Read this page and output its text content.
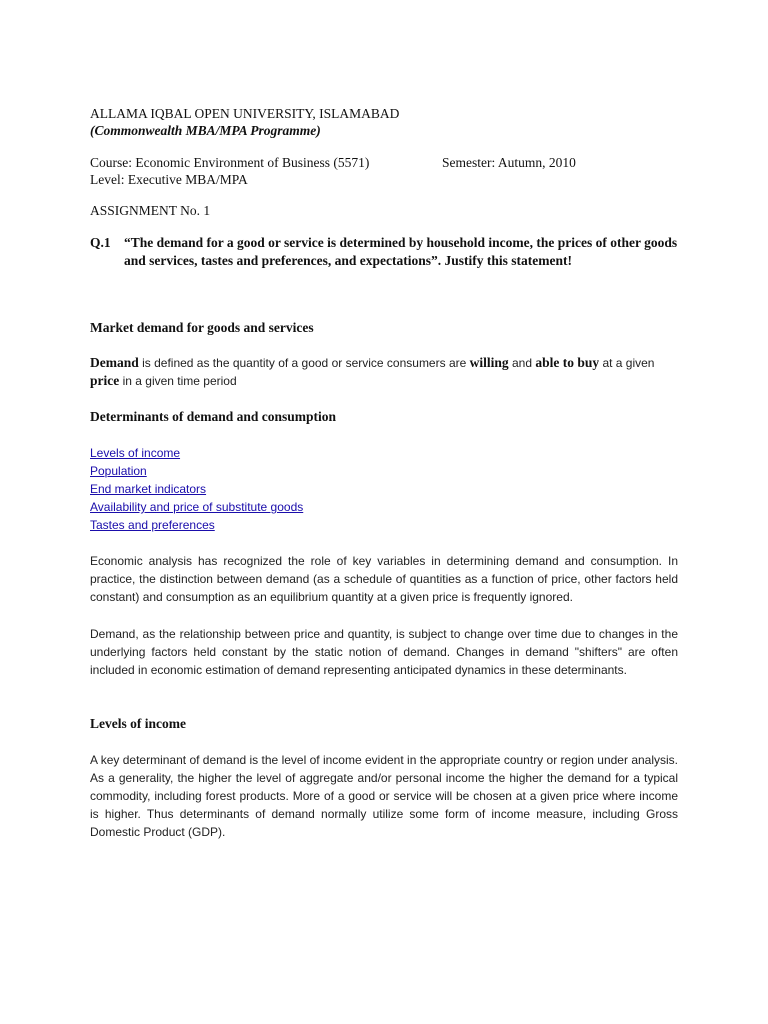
ALLAMA IQBAL OPEN UNIVERSITY, ISLAMABAD
(Commonwealth MBA/MPA Programme)
Course: Economic Environment of Business (5571)	Semester: Autumn, 2010
Level: Executive MBA/MPA
ASSIGNMENT No. 1
Q.1 “The demand for a good or service is determined by household income, the prices of other goods and services, tastes and preferences, and expectations”. Justify this statement!
Market demand for goods and services
Demand is defined as the quantity of a good or service consumers are willing and able to buy at a given price in a given time period
Determinants of demand and consumption
Levels of income
Population
End market indicators
Availability and price of substitute goods
Tastes and preferences
Economic analysis has recognized the role of key variables in determining demand and consumption. In practice, the distinction between demand (as a schedule of quantities as a function of price, other factors held constant) and consumption as an equilibrium quantity at a given price is frequently ignored.
Demand, as the relationship between price and quantity, is subject to change over time due to changes in the underlying factors held constant by the static notion of demand. Changes in demand "shifters" are often included in economic estimation of demand representing anticipated dynamics in these determinants.
Levels of income
A key determinant of demand is the level of income evident in the appropriate country or region under analysis. As a generality, the higher the level of aggregate and/or personal income the higher the demand for a typical commodity, including forest products. More of a good or service will be chosen at a given price where income is higher. Thus determinants of demand normally utilize some form of income measure, including Gross Domestic Product (GDP).
